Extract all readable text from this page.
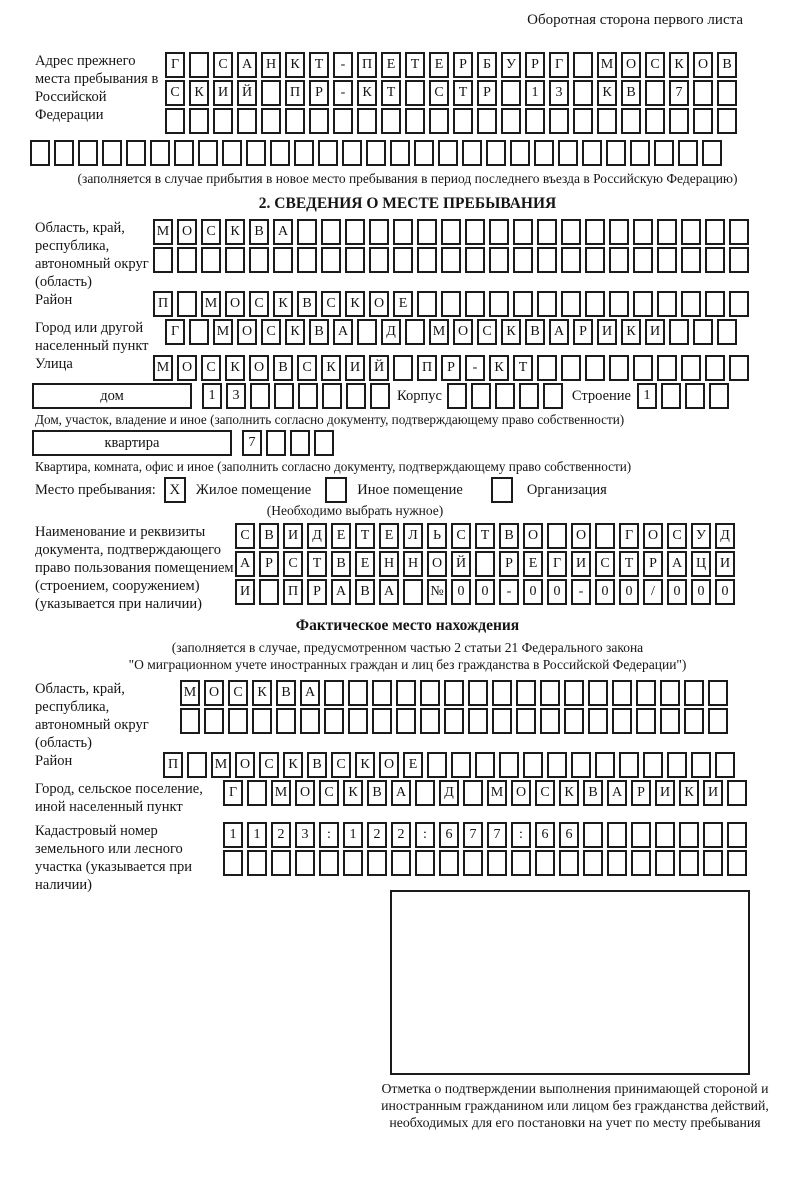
Оборотная сторона первого листа
Адрес прежнего места пребывания в Российской Федерации
Г	С	А Н	К	Т	-	П	Е	Т	Е	Р	Б	У	Р	Г	М О	С	К	О	В
С	К	И Й	П	Р	-	К	Т	С	Т	Р	1	3	К	В	7
(заполняется в случае прибытия в новое место пребывания в период последнего въезда в Российскую Федерацию)
2. СВЕДЕНИЯ О МЕСТЕ ПРЕБЫВАНИЯ
Область, край, республика, автономный округ (область)
М О	С	К	В	А
Район	П	М О	С	К	В	С	К	О	Е
Город или другой населенный пункт
Г	М О	С	К	В	А	Д	М О	С	К	В	А	Р	И	К	И
Улица	М О	С	К	О	В	С	К	И Й	П	Р	-	К	Т
дом	1	3	Корпус	Строение 1
Дом, участок, владение и иное (заполнить согласно документу, подтверждающему право собственности)
квартира	7
Квартира, комната, офис и иное (заполнить согласно документу, подтверждающему право собственности)
Место пребывания: X	Жилое помещение	Иное помещение	Организация
(Необходимо выбрать нужное)
Наименование и реквизиты документа, подтверждающего право пользования помещением (строением, сооружением) (указывается при наличии)
С	В	И	Д	Е	Т	Е	Л	Ь	С	Т	В	О	О	Г	О	С	У	Д
А	Р	С	Т	В	Е	Н Н О Й	Р	Е	Г	И	С	Т	Р	А Ц И
И	П	Р	А	В	А	№ 0	0	-	0	0	-	0	0	/	0	0	0
Фактическое место нахождения
(заполняется в случае, предусмотренном частью 2 статьи 21 Федерального закона
"О миграционном учете иностранных граждан и лиц без гражданства в Российской Федерации")
Область, край, республика, автономный округ (область)
М О	С	К	В	А
Район	П	М О	С	К	В	С	К	О	Е
Город, сельское поселение, иной населенный пункт
Г	М О	С	К	В	А	Д	М О	С	К	В	А	Р	И	К	И
Кадастровый номер земельного или лесного участка (указывается при наличии)
1	1	2	3	:	1	2	2	:	6	7	7	:	6	6
Отметка о подтверждении выполнения принимающей стороной и иностранным гражданином или лицом без гражданства действий, необходимых для его постановки на учет по месту пребывания
